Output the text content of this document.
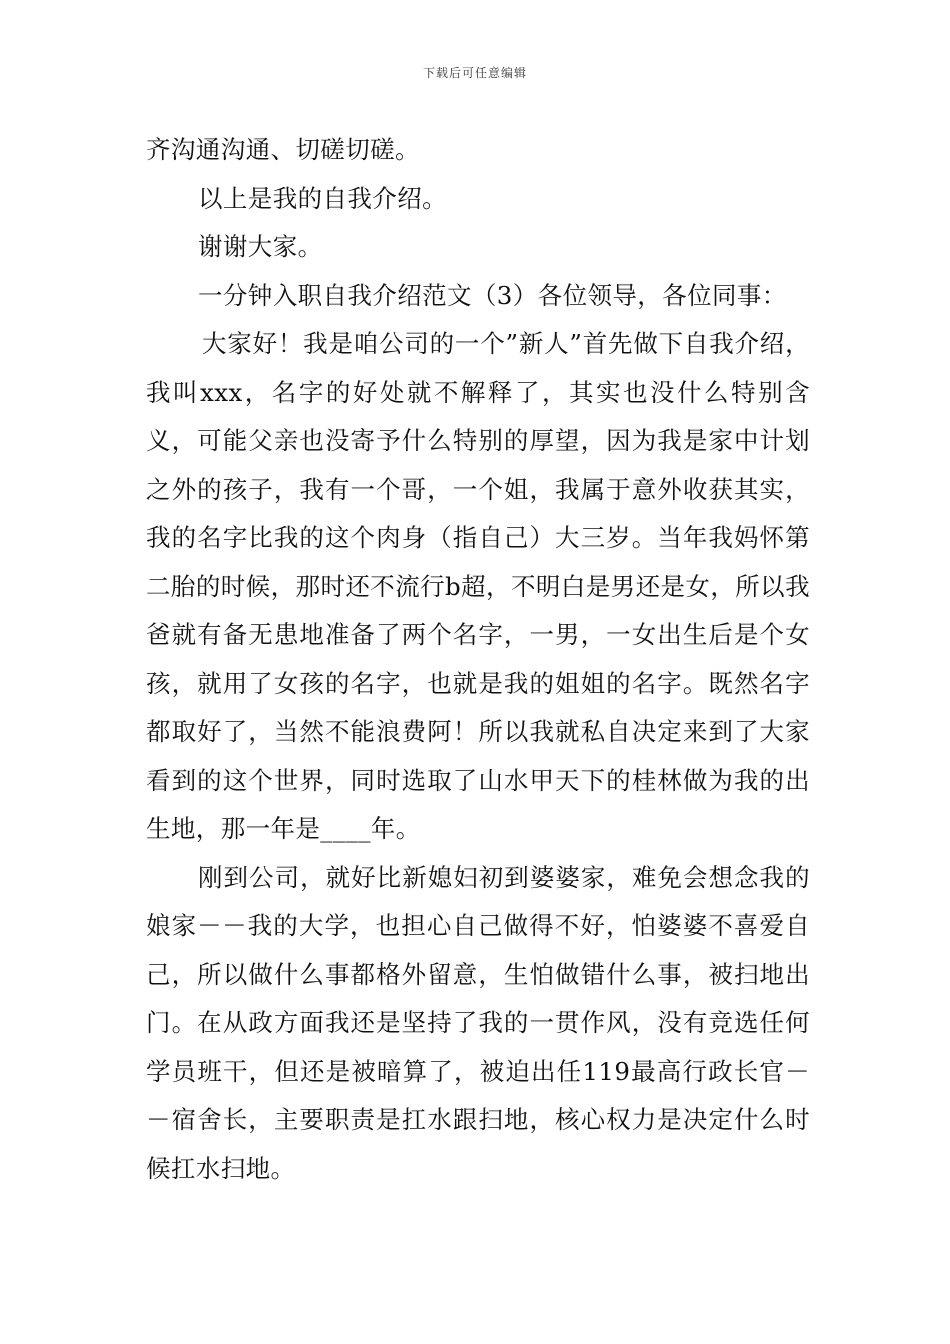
下载后可任意编辑

齐沟通沟通、切磋切磋。

以上是我的自我介绍。

谢谢大家。

一分钟入职自我介绍范文（3）各位领导，各位同事：

大家好！我是咱公司的一个”新人”首先做下自我介绍，我叫xxx，名字的好处就不解释了，其实也没什么特别含义，可能父亲也没寄予什么特别的厚望，因为我是家中计划之外的孩子，我有一个哥，一个姐，我属于意外收获其实，我的名字比我的这个肉身（指自己）大三岁。当年我妈怀第二胎的时候，那时还不流行b超，不明白是男还是女，所以我爸就有备无患地准备了两个名字，一男，一女出生后是个女孩，就用了女孩的名字，也就是我的姐姐的名字。既然名字都取好了，当然不能浪费阿！所以我就私自决定来到了大家看到的这个世界，同时选取了山水甲天下的桂林做为我的出生地，那一年是____年。

刚到公司，就好比新媳妇初到婆婆家，难免会想念我的娘家－－我的大学，也担心自己做得不好，怕婆婆不喜爱自己，所以做什么事都格外留意，生怕做错什么事，被扫地出门。在从政方面我还是坚持了我的一贯作风，没有竞选任何学员班干，但还是被暗算了，被迫出任119最高行政长官－－宿舍长，主要职责是扛水跟扫地，核心权力是决定什么时候扛水扫地。
